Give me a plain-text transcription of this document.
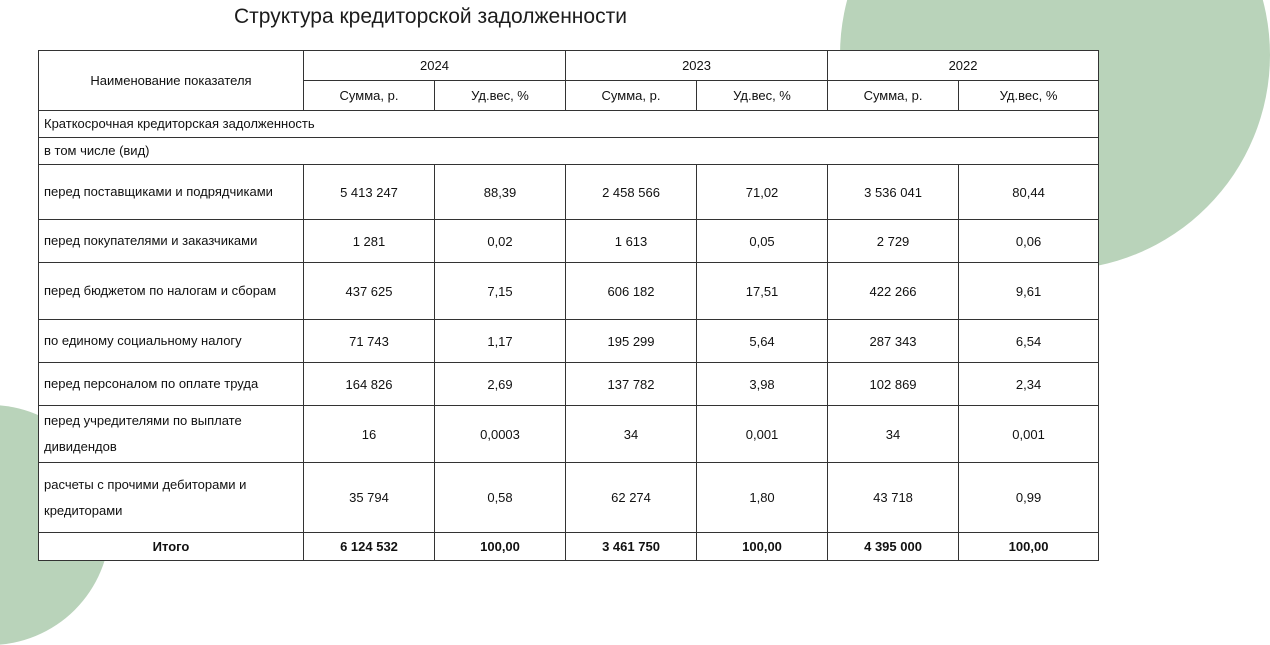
Структура кредиторской задолженности
Наименование показателя	2024		2023		2022	
	Сумма, р.	Уд.вес, %	Сумма, р.	Уд.вес, %	Сумма, р.	Уд.вес, %
Краткосрочная кредиторская задолженность						
в том числе (вид)						
перед поставщиками и подрядчиками	5 413 247	88,39	2 458 566	71,02	3 536 041	80,44
перед покупателями и заказчиками	1 281	0,02	1 613	0,05	2 729	0,06
перед бюджетом по налогам и сборам	437 625	7,15	606 182	17,51	422 266	9,61
по единому социальному налогу	71 743	1,17	195 299	5,64	287 343	6,54
перед персоналом по оплате труда	164 826	2,69	137 782	3,98	102 869	2,34
перед учредителями по выплате дивидендов	16	0,0003	34	0,001	34	0,001
расчеты с прочими дебиторами и кредиторами	35 794	0,58	62 274	1,80	43 718	0,99
Итого	6 124 532	100,00	3 461 750	100,00	4 395 000	100,00
